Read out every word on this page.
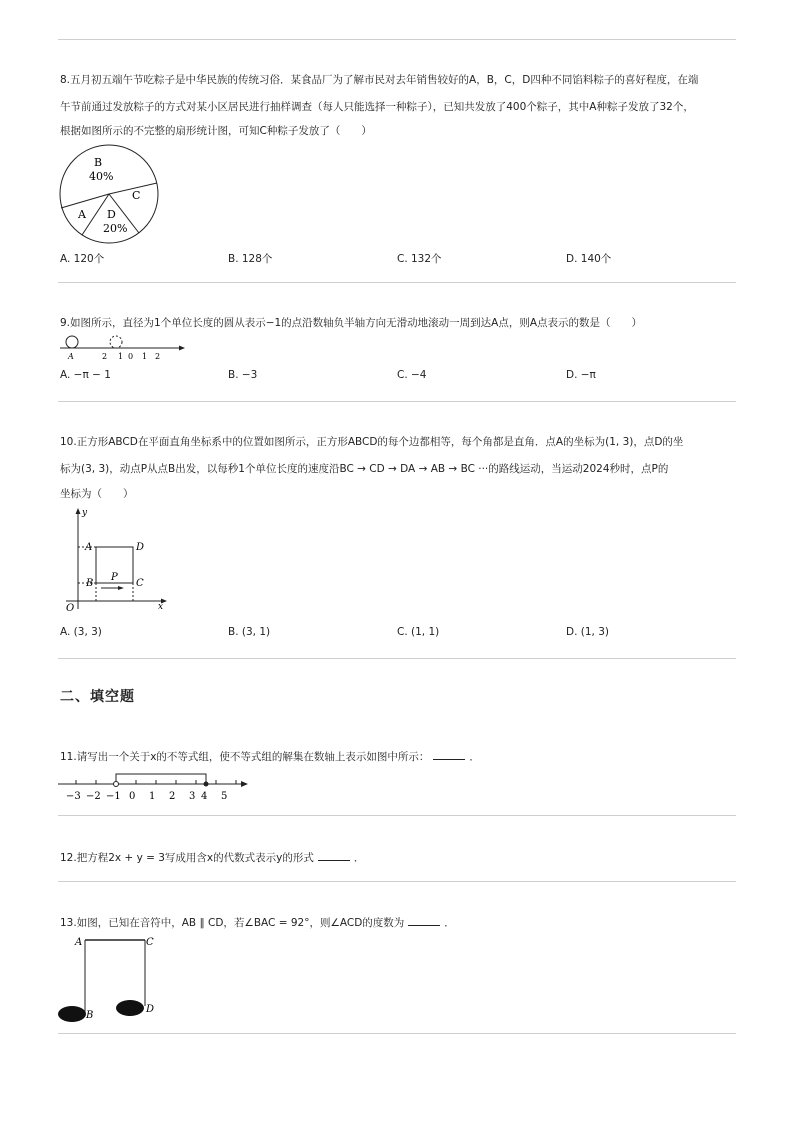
8.五月初五端午节吃粽子是中华民族的传统习俗．某食品厂为了解市民对去年销售较好的A，B，C，D四种不同馅料粽子的喜好程度，在端
午节前通过发放粽子的方式对某小区居民进行抽样调查（每人只能选择一种粽子），已知共发放了400个粽子，其中A种粽子发放了32个，
根据如图所示的不完整的扇形统计图，可知C种粽子发放了（　　）
B
40%
C
A D
20%
A. 120个	B. 128个	C. 132个	D. 140个
9.如图所示，直径为1个单位长度的圆从表示−1的点沿数轴负半轴方向无滑动地滚动一周到达A点，则A点表示的数是（　　）
A	2 1 0 1 2
A. −π − 1	B. −3	C. −4	D. −π
10.正方形ABCD在平面直角坐标系中的位置如图所示，正方形ABCD的每个边都相等，每个角都是直角．点A的坐标为(1, 3)，点D的坐
标为(3, 3)，动点P从点B出发，以每秒1个单位长度的速度沿BC → CD → DA → AB → BC ···的路线运动，当运动2024秒时，点P的
坐标为（　　）
y
x
O
A	D
B	C
P
A. (3, 3)	B. (3, 1)	C. (1, 1)	D. (1, 3)
二、填空题
11.请写出一个关于x的不等式组，使不等式组的解集在数轴上表示如图中所示：	．
−3 −2 −1 0 1 2 3 4 5
12.把方程2x + y = 3写成用含x的代数式表示y的形式	．
13.如图，已知在音符中，AB ∥ CD，若∠BAC = 92°，则∠ACD的度数为	．
A	C
B
D
